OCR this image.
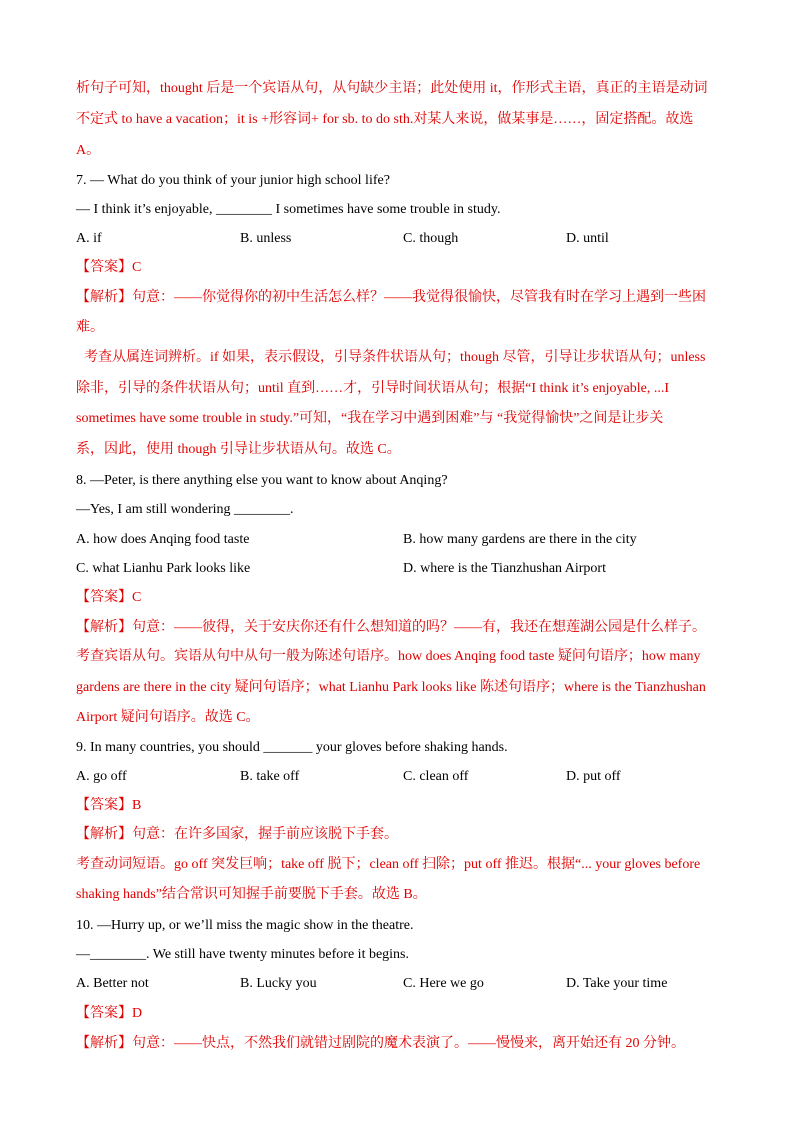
析句子可知，thought 后是一个宾语从句，从句缺少主语；此处使用 it，作形式主语，真正的主语是动词
不定式 to have a vacation；it is +形容词+ for sb. to do sth.对某人来说，做某事是……，固定搭配。故选
A。
7. — What do you think of your junior high school life?
— I think it’s enjoyable, ________ I sometimes have some trouble in study.
A. if	B. unless	C. though	D. until
【答案】C
【解析】句意：——你觉得你的初中生活怎么样？——我觉得很愉快，尽管我有时在学习上遇到一些困
难。
考查从属连词辨析。if 如果，表示假设，引导条件状语从句；though 尽管，引导让步状语从句；unless
除非，引导的条件状语从句；until 直到……才，引导时间状语从句；根据“I think it’s enjoyable, ...I
sometimes have some trouble in study.”可知，“我在学习中遇到困难”与 “我觉得愉快”之间是让步关
系，因此，使用 though 引导让步状语从句。故选 C。
8. —Peter, is there anything else you want to know about Anqing?
—Yes, I am still wondering ________.
A. how does Anqing food taste	B. how many gardens are there in the city
C. what Lianhu Park looks like	D. where is the Tianzhushan Airport
【答案】C
【解析】句意：——彼得，关于安庆你还有什么想知道的吗？——有，我还在想莲湖公园是什么样子。
考查宾语从句。宾语从句中从句一般为陈述句语序。how does Anqing food taste 疑问句语序；how many
gardens are there in the city 疑问句语序；what Lianhu Park looks like 陈述句语序；where is the Tianzhushan
Airport 疑问句语序。故选 C。
9. In many countries, you should _______ your gloves before shaking hands.
A. go off	B. take off	C. clean off	D. put off
【答案】B
【解析】句意：在许多国家，握手前应该脱下手套。
考查动词短语。go off 突发巨响；take off 脱下；clean off 扫除；put off 推迟。根据“... your gloves before
shaking hands”结合常识可知握手前要脱下手套。故选 B。
10. —Hurry up, or we’ll miss the magic show in the theatre.
—________. We still have twenty minutes before it begins.
A. Better not	B. Lucky you	C. Here we go	D. Take your time
【答案】D
【解析】句意：——快点，不然我们就错过剧院的魔术表演了。——慢慢来，离开始还有 20 分钟。
